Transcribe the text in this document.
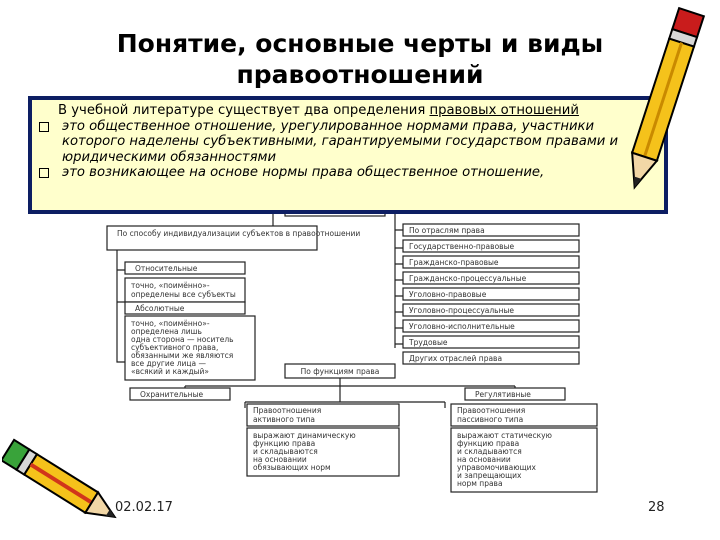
Понятие, основные черты и виды правоотношений
По способу индивидуализации субъектов в правоотношении
Относительные
точно, «поимённо»-
определены все субъекты
Абсолютные
точно, «поимённо»-
определена лишь
одна сторона — носитель
субъективного права,
обязанными же являются
все другие лица —
«всякий и каждый»
По отраслям права
Государственно-правовые
Гражданско-правовые
Гражданско-процессуальные
Уголовно-правовые
Уголовно-процессуальные
Уголовно-исполнительные
Трудовые
Других отраслей права
По функциям права
Охранительные	Регулятивные
Правоотношения
активного типа
выражают динамическую
функцию права
и складываются
на основании
обязывающих норм
Правоотношения
пассивного типа
выражают статическую
функцию права
и складываются
на основании
управомочивающих
и запрещающих
норм права
В учебной литературе существует два определения правовых отношений
это общественное отношение, урегулированное нормами права, участники которого наделены субъективными, гарантируемыми государством правами и юридическими обязанностями
это возникающее на основе нормы права общественное отношение,
02.02.17	28
